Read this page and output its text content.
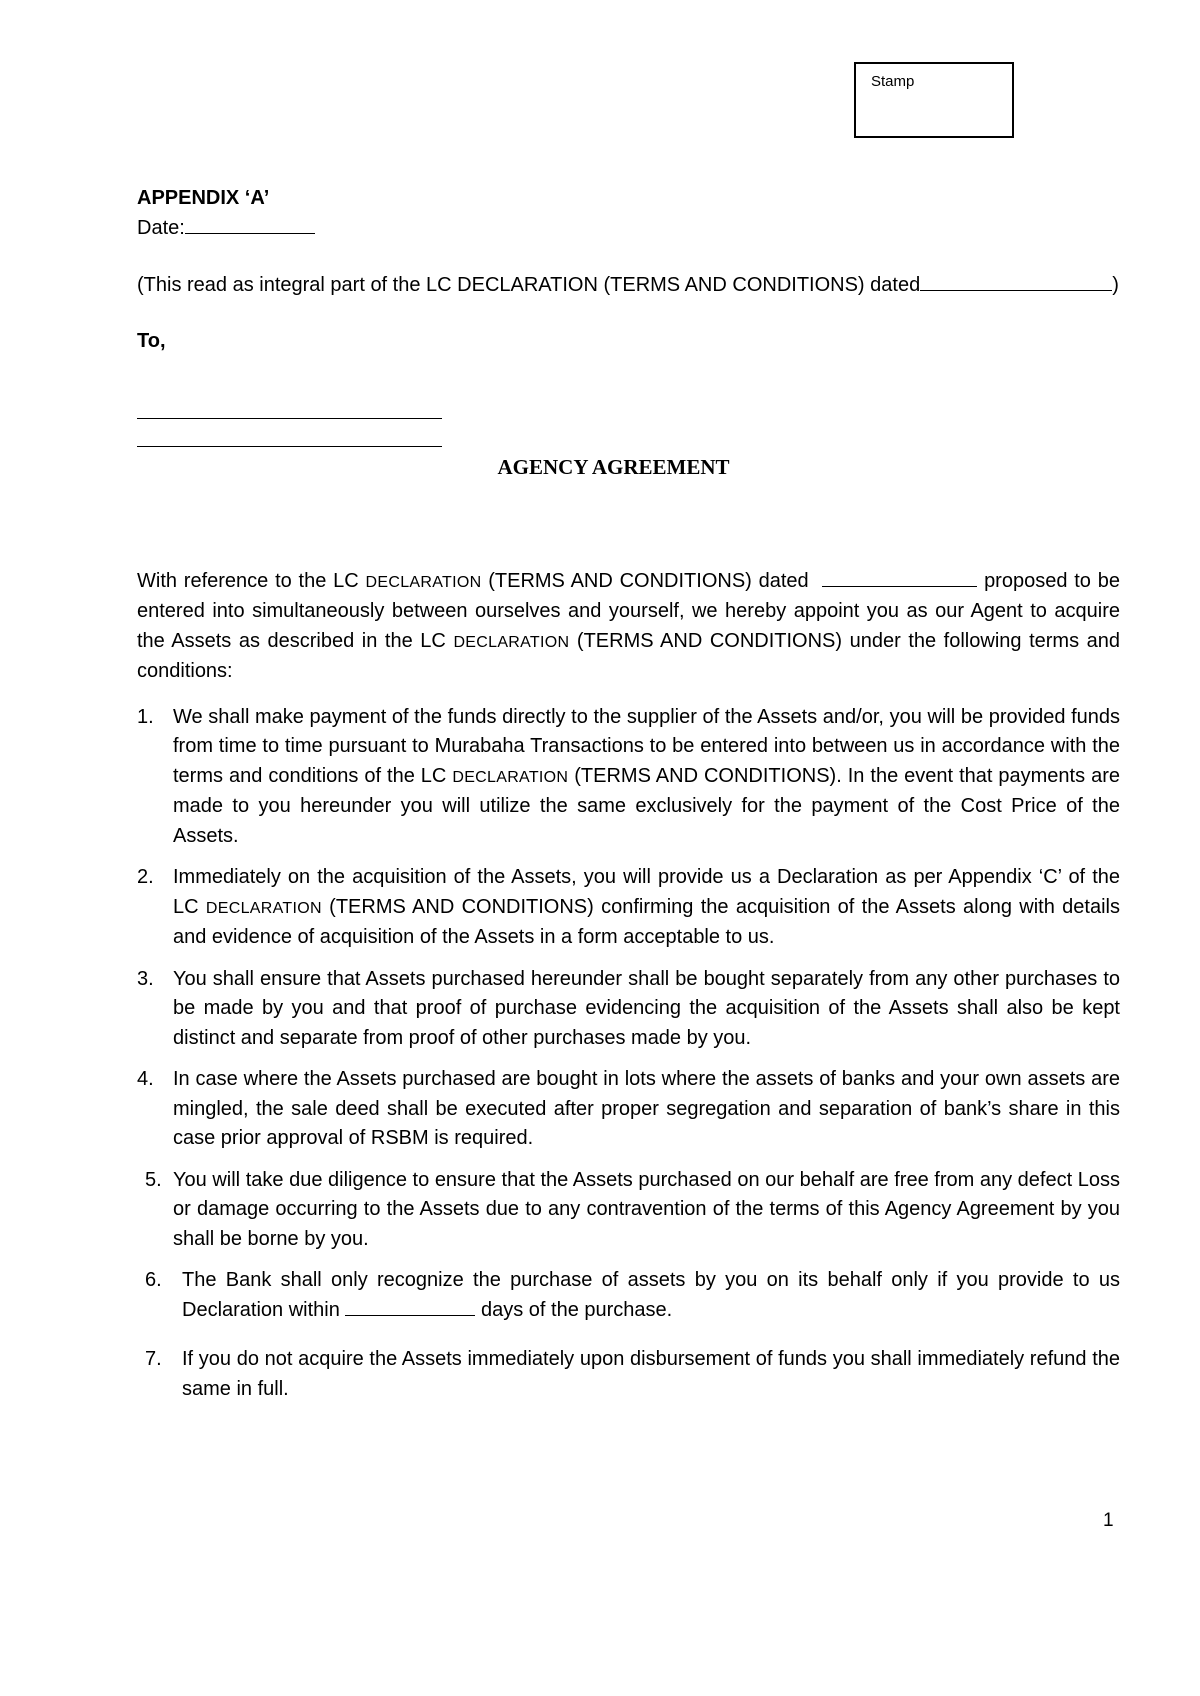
Stamp

APPENDIX ‘A’

Date:

(This read as integral part of the LC DECLARATION (TERMS AND CONDITIONS) dated	)

To,

AGENCY AGREEMENT

With reference to the LC DECLARATION (TERMS AND CONDITIONS) dated	proposed to be entered into simultaneously between ourselves and yourself, we hereby appoint you as our Agent to acquire the Assets as described in the LC DECLARATION (TERMS AND CONDITIONS) under the following terms and conditions:

1. We shall make payment of the funds directly to the supplier of the Assets and/or, you will be provided funds from time to time pursuant to Murabaha Transactions to be entered into between us in accordance with the terms and conditions of the LC DECLARATION (TERMS AND CONDITIONS). In the event that payments are made to you hereunder you will utilize the same exclusively for the payment of the Cost Price of the Assets.
2. Immediately on the acquisition of the Assets, you will provide us a Declaration as per Appendix ‘C’ of the LC DECLARATION (TERMS AND CONDITIONS) confirming the acquisition of the Assets along with details and evidence of acquisition of the Assets in a form acceptable to us.
3. You shall ensure that Assets purchased hereunder shall be bought separately from any other purchases to be made by you and that proof of purchase evidencing the acquisition of the Assets shall also be kept distinct and separate from proof of other purchases made by you.
4. In case where the Assets purchased are bought in lots where the assets of banks and your own assets are mingled, the sale deed shall be executed after proper segregation and separation of bank’s share in this case prior approval of RSBM is required.
5. You will take due diligence to ensure that the Assets purchased on our behalf are free from any defect Loss or damage occurring to the Assets due to any contravention of the terms of this Agency Agreement by you shall be borne by you.
6.	The Bank shall only recognize the purchase of assets by you on its behalf only if you provide to us Declaration within	days of the purchase.
7.	If you do not acquire the Assets immediately upon disbursement of funds you shall immediately refund the same in full.
1
